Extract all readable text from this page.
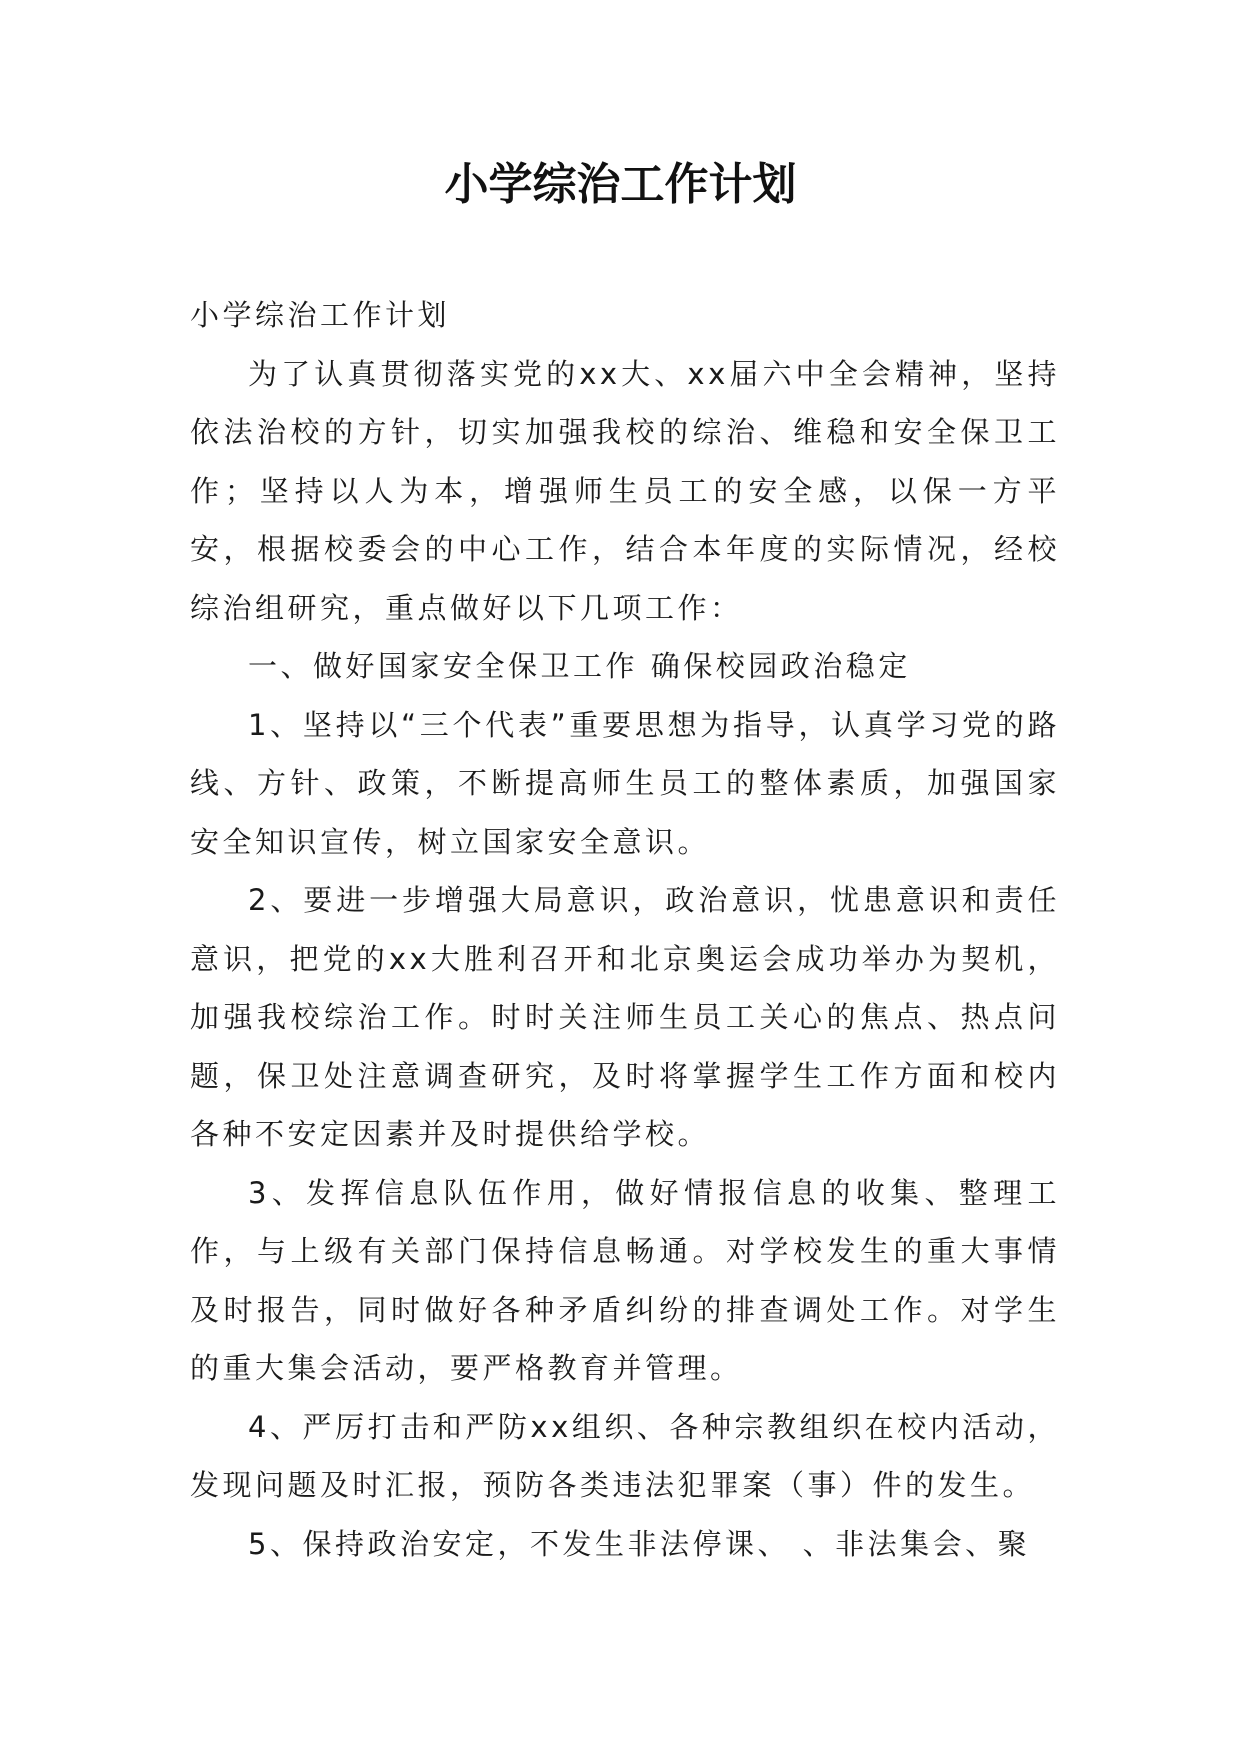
小学综治工作计划

小学综治工作计划

为了认真贯彻落实党的xx大、xx届六中全会精神，坚持依法治校的方针，切实加强我校的综治、维稳和安全保卫工作；坚持以人为本，增强师生员工的安全感，以保一方平安，根据校委会的中心工作，结合本年度的实际情况，经校综治组研究，重点做好以下几项工作：

一、做好国家安全保卫工作 确保校园政治稳定

1、坚持以“三个代表”重要思想为指导，认真学习党的路线、方针、政策，不断提高师生员工的整体素质，加强国家安全知识宣传，树立国家安全意识。

2、要进一步增强大局意识，政治意识，忧患意识和责任意识，把党的xx大胜利召开和北京奥运会成功举办为契机，加强我校综治工作。时时关注师生员工关心的焦点、热点问题，保卫处注意调查研究，及时将掌握学生工作方面和校内各种不安定因素并及时提供给学校。

3、发挥信息队伍作用，做好情报信息的收集、整理工作，与上级有关部门保持信息畅通。对学校发生的重大事情及时报告，同时做好各种矛盾纠纷的排查调处工作。对学生的重大集会活动，要严格教育并管理。

4、严厉打击和严防xx组织、各种宗教组织在校内活动，发现问题及时汇报，预防各类违法犯罪案（事）件的发生。

5、保持政治安定，不发生非法停课、 、非法集会、聚
